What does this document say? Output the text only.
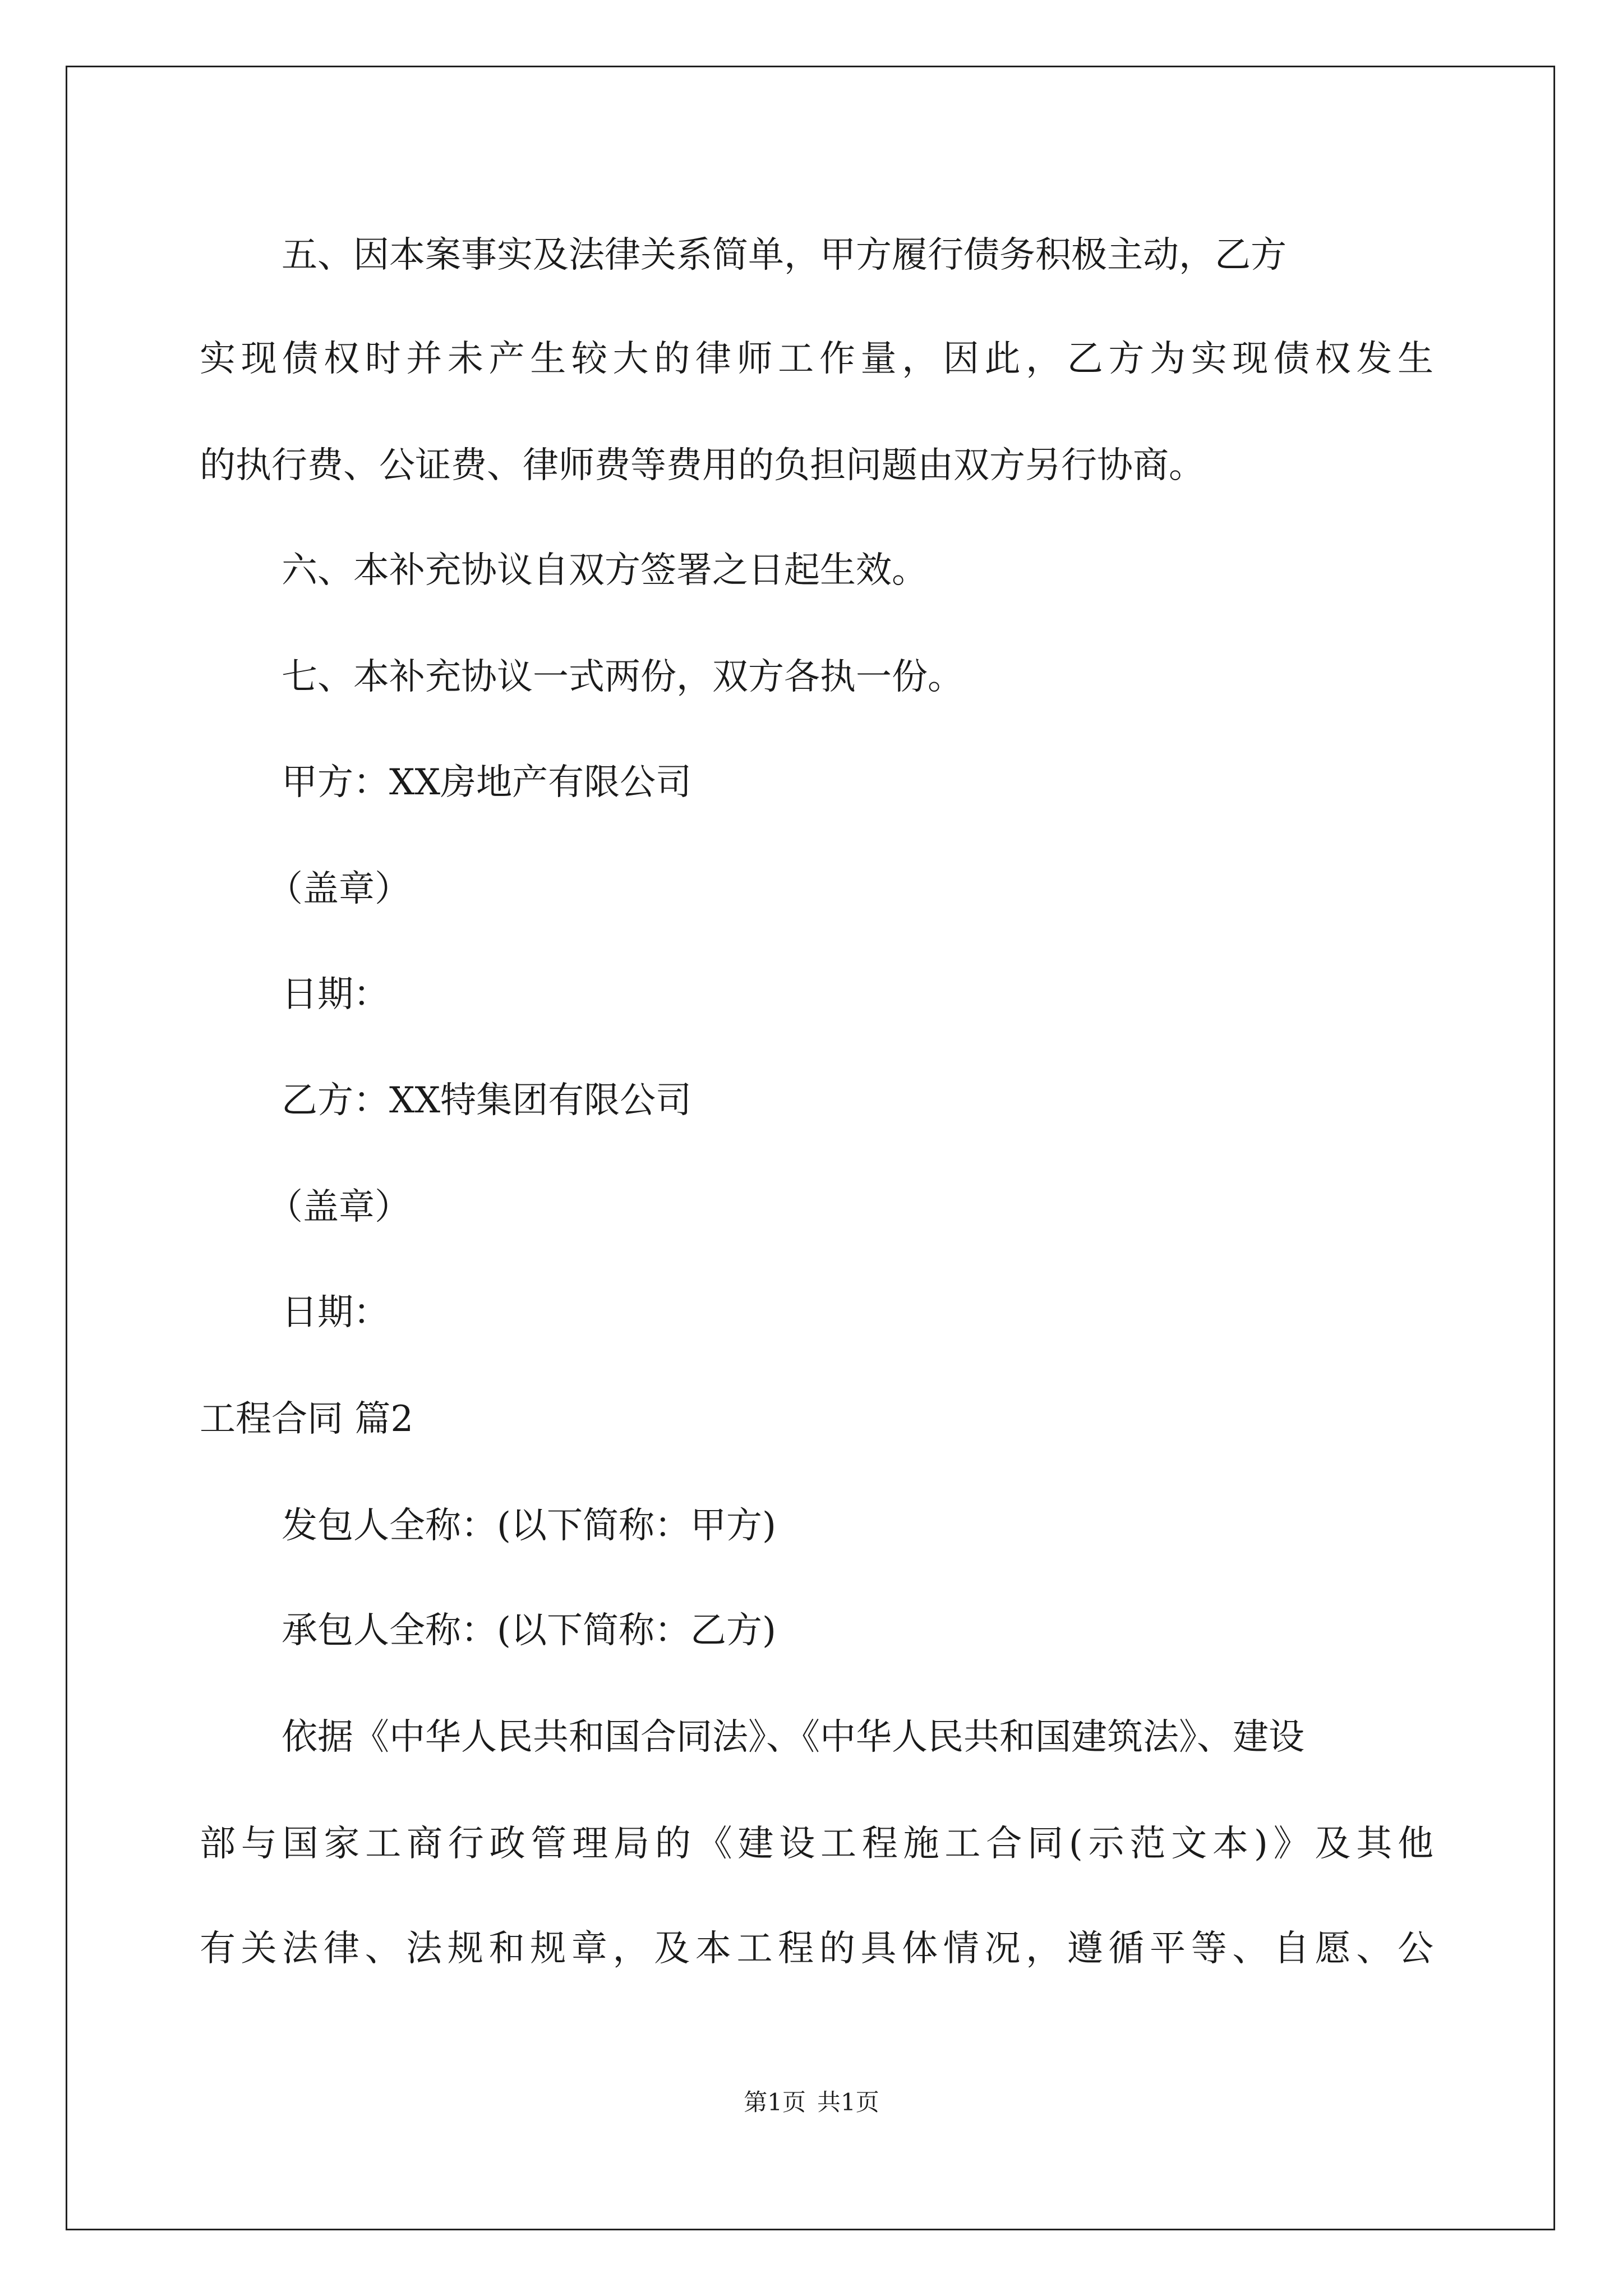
五、因本案事实及法律关系简单，甲方履行债务积极主动，乙方
实现债权时并未产生较大的律师工作量，因此，乙方为实现债权发生
的执行费、公证费、律师费等费用的负担问题由双方另行协商。
六、本补充协议自双方签署之日起生效。
七、本补充协议一式两份，双方各执一份。
甲方：XX房地产有限公司
（盖章）
日期：
乙方：XX特集团有限公司
（盖章）
日期：
工程合同 篇2
发包人全称：(以下简称：甲方)
承包人全称：(以下简称：乙方)
依据《中华人民共和国合同法》、《中华人民共和国建筑法》、建设
部与国家工商行政管理局的《建设工程施工合同(示范文本)》及其他
有关法律、法规和规章，及本工程的具体情况，遵循平等、自愿、公
第1页 共1页
